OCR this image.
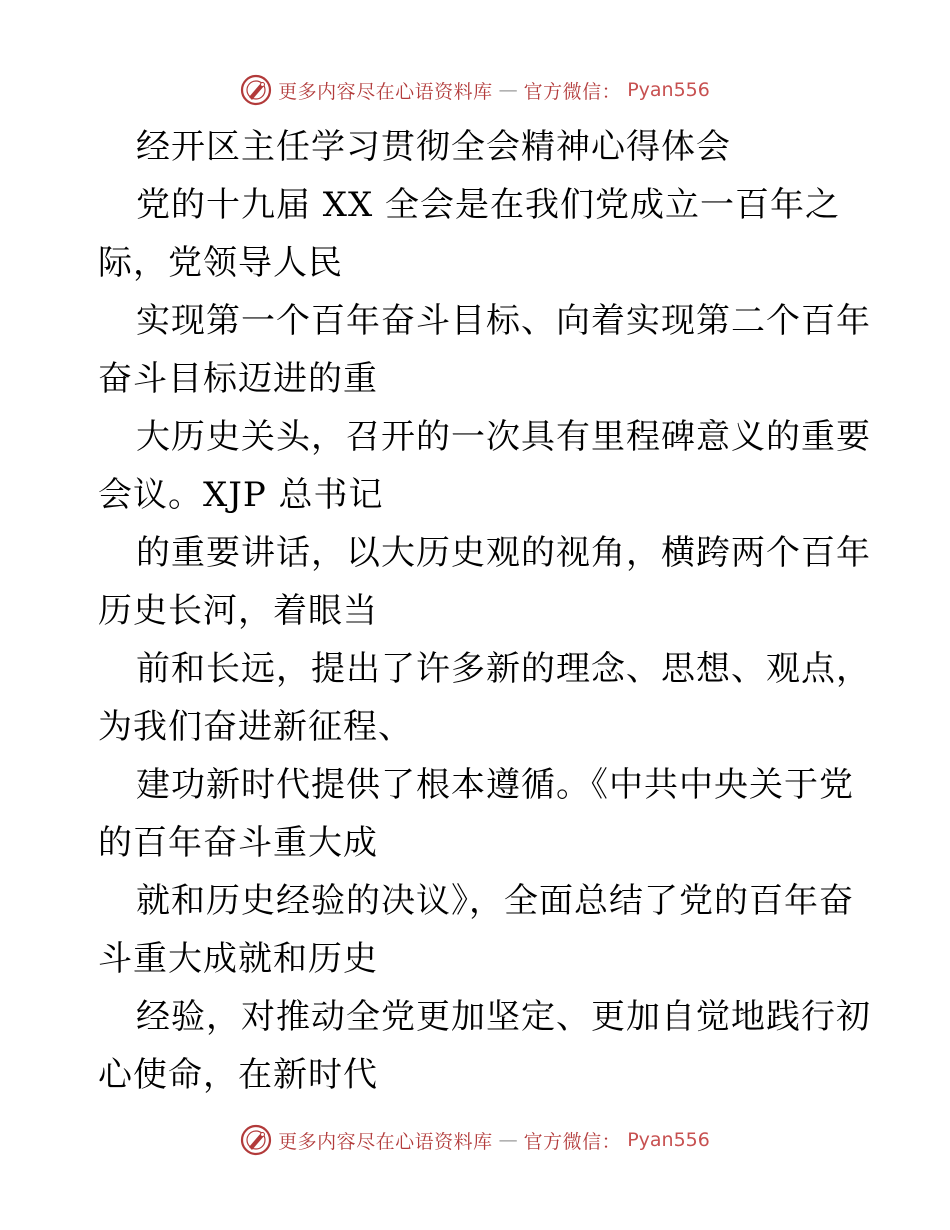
更多内容尽在心语资料库 — 官方微信： Pyan556
经开区主任学习贯彻全会精神心得体会
党的十九届 XX 全会是在我们党成立一百年之
际，党领导人民
实现第一个百年奋斗目标、向着实现第二个百年
奋斗目标迈进的重
大历史关头，召开的一次具有里程碑意义的重要
会议。XJP 总书记
的重要讲话，以大历史观的视角，横跨两个百年
历史长河，着眼当
前和长远，提出了许多新的理念、思想、观点，
为我们奋进新征程、
建功新时代提供了根本遵循。《中共中央关于党
的百年奋斗重大成
就和历史经验的决议》，全面总结了党的百年奋
斗重大成就和历史
经验，对推动全党更加坚定、更加自觉地践行初
心使命，在新时代
更多内容尽在心语资料库 — 官方微信： Pyan556
